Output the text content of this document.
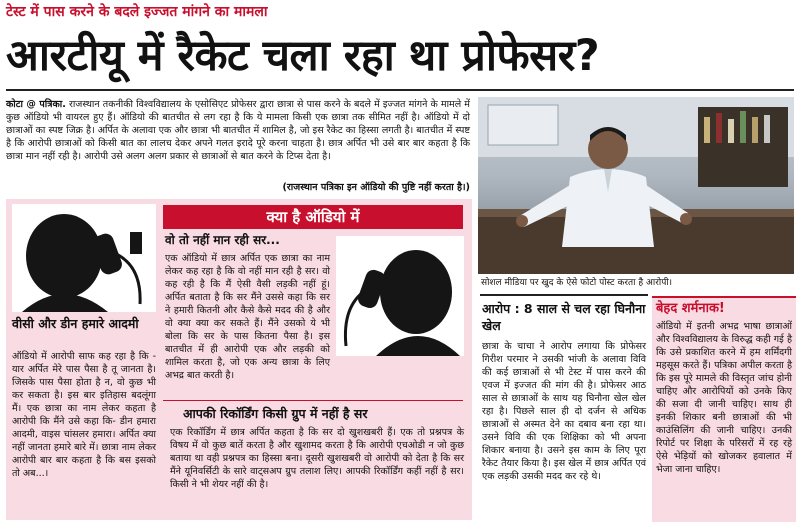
टेस्ट में पास करने के बदले इज्जत मांगने का मामला
आरटीयू में रैकेट चला रहा था प्रोफेसर?
कोटा @ पत्रिका. राजस्थान तकनीकी विश्वविद्यालय के एसोसिएट प्रोफेसर द्वारा छात्रा से पास करने के बदले में इज्जत मांगने के मामले में कुछ ऑडियो भी वायरल हुए हैं। ऑडियो की बातचीत से लग रहा है कि ये मामला किसी एक छात्रा तक सीमित नहीं है। ऑडियो में दो छात्राओं का स्पष्ट जिक्र है। अर्पित के अलावा एक और छात्रा भी बातचीत में शामिल है, जो इस रैकेट का हिस्सा लगती है। बातचीत में स्पष्ट है कि आरोपी छात्राओं को किसी बात का लालच देकर अपने गलत इरादे पूरे करना चाहता है। छात्र अर्पित भी उसे बार बार कहता है कि छात्रा मान नहीं रही है। आरोपी उसे अलग अलग प्रकार से छात्राओं से बात करने के टिप्स देता है।
(राजस्थान पत्रिका इन ऑडियो की पुष्टि नहीं करता है।)
सोशल मीडिया पर खुद के ऐसे फोटो पोस्ट करता है आरोपी।
क्या है ऑडियो में
वीसी और डीन हमारे आदमी
ऑडियो में आरोपी साफ कह रहा है कि - यार अर्पित मेरे पास पैसा है तू जानता है। जिसके पास पैसा होता है न, वो कुछ भी कर सकता है। इस बार इतिहास बदलूंगा मैं। एक छात्रा का नाम लेकर कहता है आरोपी कि मैंने उसे कहा कि- डीन हमारा आदमी, वाइस चांसलर हमारा। अर्पित क्या नहीं जानता हमारे बारे में। छात्रा नाम लेकर आरोपी बार बार कहता है कि बस इसको तो अब...।
वो तो नहीं मान रही सर...
एक ऑडियो में छात्र अर्पित एक छात्रा का नाम लेकर कह रहा है कि वो नहीं मान रही है सर। वो कह रही है कि मैं ऐसी वैसी लड़की नहीं हूं। अर्पित बताता है कि सर मैंने उससे कहा कि सर ने हमारी कितनी और कैसे कैसे मदद की है और वो क्या क्या कर सकते हैं। मैंने उसको ये भी बोला कि सर के पास कितना पैसा है। इस बातचीत में ही आरोपी एक और लड़की को शामिल करता है, जो एक अन्य छात्रा के लिए अभद्र बात करती है।
आपकी रिकॉर्डिंग किसी ग्रुप में नहीं है सर
एक रिकॉर्डिंग में छात्र अर्पित कहता है कि सर दो खुशखबरी हैं। एक तो प्रश्नपत्र के विषय में वो कुछ बातें करता है और खुशामद करता है कि आरोपी एचओडी न जो कुछ बताया था वही प्रश्नपत्र का हिस्सा बना। दूसरी खुशखबरी वो आरोपी को देता है कि सर मैंने यूनिवर्सिटी के सारे वाट्सअप ग्रुप तलाश लिए। आपकी रिकॉर्डिंग कहीं नहीं है सर। किसी ने भी शेयर नहीं की है।
आरोप : 8 साल से चल रहा घिनौना खेल
छात्रा के चाचा ने आरोप लगाया कि प्रोफेसर गिरीश परमार ने उसकी भांजी के अलावा विवि की कई छात्राओं से भी टेस्ट में पास करने की एवज में इज्जत की मांग की है। प्रोफेसर आठ साल से छात्राओं के साथ यह घिनौना खेल खेल रहा है। पिछले साल ही दो दर्जन से अधिक छात्राओं से अस्मत देने का दबाव बना रहा था। उसने विवि की एक शिक्षिका को भी अपना शिकार बनाया है। उसने इस काम के लिए पूरा रैकेट तैयार किया है। इस खेल में छात्र अर्पित एवं एक लड़की उसकी मदद कर रहे थे।
बेहद शर्मनाक!
ऑडियो में इतनी अभद्र भाषा छात्राओं और विश्वविद्यालय के विरुद्ध कही गई है कि उसे प्रकाशित करने में हम शर्मिंदगी महसूस करते हैं। पत्रिका अपील करता है कि इस पूरे मामले की विस्तृत जांच होनी चाहिए और आरोपियों को उनके किए की सजा दी जानी चाहिए। साथ ही इनकी शिकार बनी छात्राओं की भी काउंसिलिंग की जानी चाहिए। उनकी रिपोर्ट पर शिक्षा के परिसरों में रह रहे ऐसे भेड़ियों को खोजकर हवालात में भेजा जाना चाहिए।
